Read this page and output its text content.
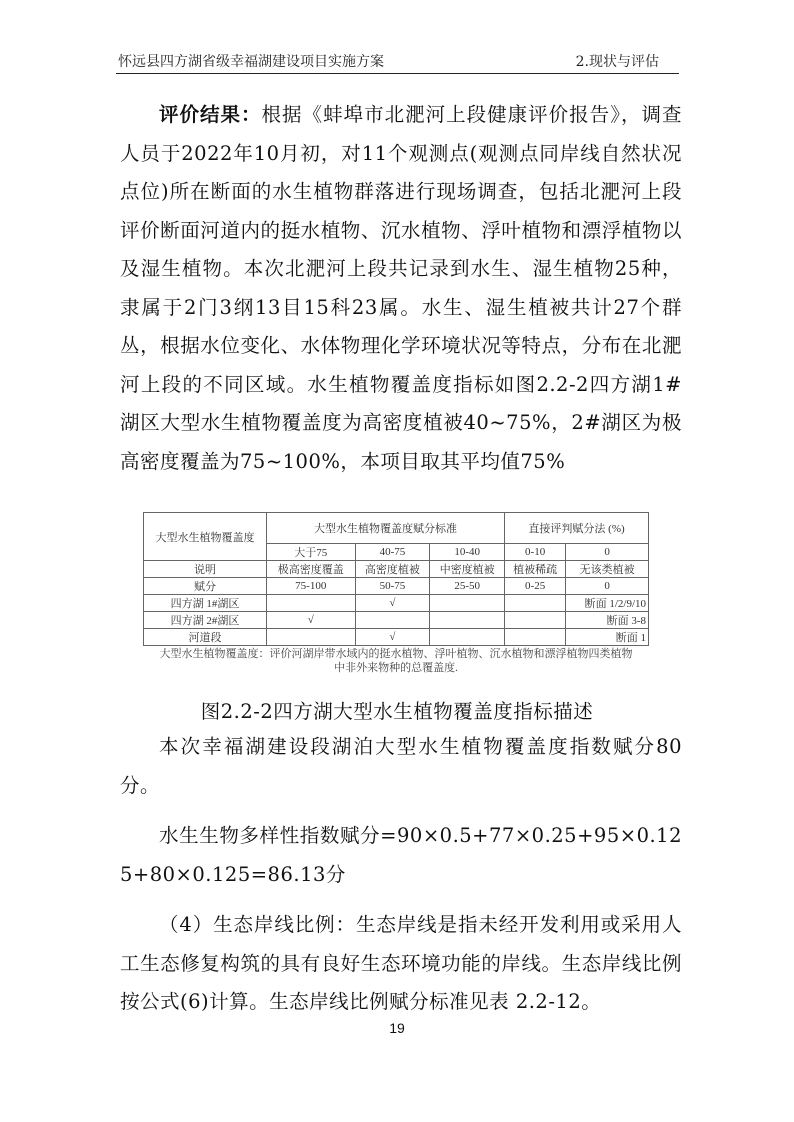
怀远县四方湖省级幸福湖建设项目实施方案	2.现状与评估

评价结果：根据《蚌埠市北淝河上段健康评价报告》，调查人员于2022年10月初，对11个观测点(观测点同岸线自然状况点位)所在断面的水生植物群落进行现场调查，包括北淝河上段评价断面河道内的挺水植物、沉水植物、浮叶植物和漂浮植物以及湿生植物。本次北淝河上段共记录到水生、湿生植物25种，隶属于2门3纲13目15科23属。水生、湿生植被共计27个群丛，根据水位变化、水体物理化学环境状况等特点，分布在北淝河上段的不同区域。水生植物覆盖度指标如图2.2-2四方湖1#湖区大型水生植物覆盖度为高密度植被40~75%，2#湖区为极高密度覆盖为75~100%，本项目取其平均值75%

大型水生植物覆盖度	大型水生植物覆盖度赋分标准			直接评判赋分法 (%)	
	大于75	40-75	10-40	0-10	0
说明	极高密度覆盖	高密度植被	中密度植被	植被稀疏	无该类植被
赋分	75-100	50-75	25-50	0-25	0
四方湖 1#湖区		√			断面 1/2/9/10
四方湖 2#湖区	√				断面 3-8
河道段		√			断面 1
大型水生植物覆盖度：评价河湖岸带水域内的挺水植物、浮叶植物、沉水植物和漂浮植物四类植物
中非外来物种的总覆盖度.
图2.2-2四方湖大型水生植物覆盖度指标描述

本次幸福湖建设段湖泊大型水生植物覆盖度指数赋分80 分。

水生生物多样性指数赋分=90×0.5+77×0.25+95×0.125+80×0.125=86.13分

（4）生态岸线比例：生态岸线是指未经开发利用或采用人工生态修复构筑的具有良好生态环境功能的岸线。生态岸线比例按公式(6)计算。生态岸线比例赋分标准见表 2.2-12。

19
